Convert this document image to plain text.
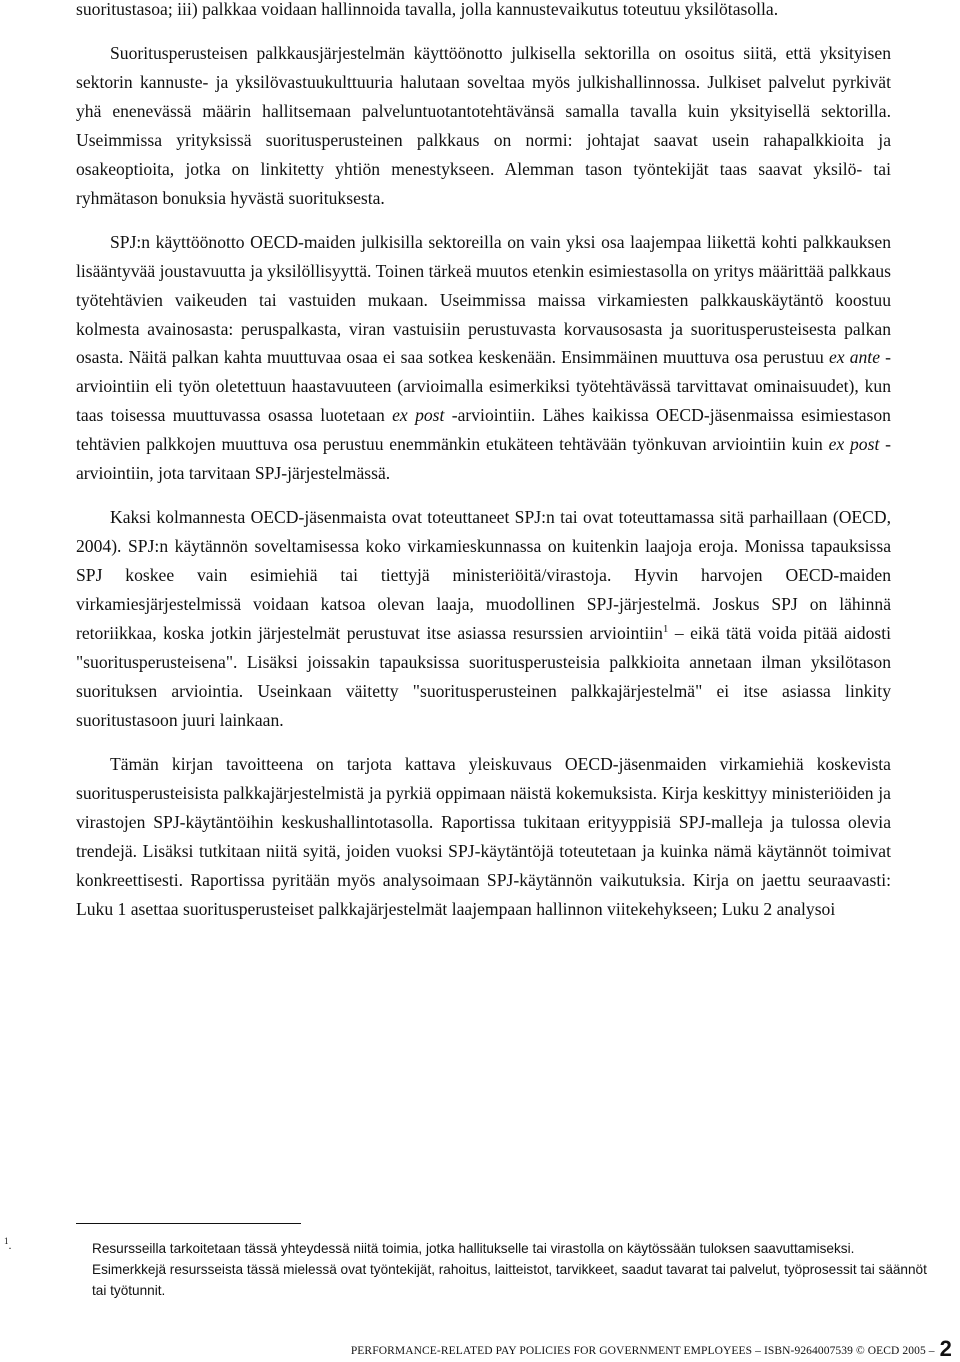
suoritustasoa; iii) palkkaa voidaan hallinnoida tavalla, jolla kannustevaikutus toteutuu yksilötasolla.

Suoritusperusteisen palkkausjärjestelmän käyttöönotto julkisella sektorilla on osoitus siitä, että yksityisen sektorin kannuste- ja yksilövastuukulttuuria halutaan soveltaa myös julkishallinnossa. Julkiset palvelut pyrkivät yhä enenevässä määrin hallitsemaan palveluntuotantotehtävänsä samalla tavalla kuin yksityisellä sektorilla. Useimmissa yrityksissä suoritusperusteinen palkkaus on normi: johtajat saavat usein rahapalkkioita ja osakeoptioita, jotka on linkitetty yhtiön menestykseen. Alemman tason työntekijät taas saavat yksilö- tai ryhmätason bonuksia hyvästä suorituksesta.

SPJ:n käyttöönotto OECD-maiden julkisilla sektoreilla on vain yksi osa laajempaa liikettä kohti palkkauksen lisääntyvää joustavuutta ja yksilöllisyyttä. Toinen tärkeä muutos etenkin esimiestasolla on yritys määrittää palkkaus työtehtävien vaikeuden tai vastuiden mukaan. Useimmissa maissa virkamiesten palkkauskäytäntö koostuu kolmesta avainosasta: peruspalkasta, viran vastuisiin perustuvasta korvausosasta ja suoritusperusteisesta palkan osasta. Näitä palkan kahta muuttuvaa osaa ei saa sotkea keskenään. Ensimmäinen muuttuva osa perustuu ex ante -arviointiin eli työn oletettuun haastavuuteen (arvioimalla esimerkiksi työtehtävässä tarvittavat ominaisuudet), kun taas toisessa muuttuvassa osassa luotetaan ex post -arviointiin. Lähes kaikissa OECD-jäsenmaissa esimiestason tehtävien palkkojen muuttuva osa perustuu enemmänkin etukäteen tehtävään työnkuvan arviointiin kuin ex post -arviointiin, jota tarvitaan SPJ-järjestelmässä.

Kaksi kolmannesta OECD-jäsenmaista ovat toteuttaneet SPJ:n tai ovat toteuttamassa sitä parhaillaan (OECD, 2004). SPJ:n käytännön soveltamisessa koko virkamieskunnassa on kuitenkin laajoja eroja. Monissa tapauksissa SPJ koskee vain esimiehiä tai tiettyjä ministeriöitä/virastoja. Hyvin harvojen OECD-maiden virkamiesjärjestelmissä voidaan katsoa olevan laaja, muodollinen SPJ-järjestelmä. Joskus SPJ on lähinnä retoriikkaa, koska jotkin järjestelmät perustuvat itse asiassa resurssien arviointiin$^1$ – eikä tätä voida pitää aidosti "suoritusperusteisena". Lisäksi joissakin tapauksissa suoritusperusteisia palkkioita annetaan ilman yksilötason suorituksen arviointia. Useinkaan väitetty "suoritusperusteinen palkkajärjestelmä" ei itse asiassa linkity suoritustasoon juuri lainkaan.

Tämän kirjan tavoitteena on tarjota kattava yleiskuvaus OECD-jäsenmaiden virkamiehiä koskevista suoritusperusteisista palkkajärjestelmistä ja pyrkiä oppimaan näistä kokemuksista. Kirja keskittyy ministeriöiden ja virastojen SPJ-käytäntöihin keskushallintotasolla. Raportissa tukitaan erityyppisiä SPJ-malleja ja tulossa olevia trendejä. Lisäksi tutkitaan niitä syitä, joiden vuoksi SPJ-käytäntöjä toteutetaan ja kuinka nämä käytännöt toimivat konkreettisesti. Raportissa pyritään myös analysoimaan SPJ-käytännön vaikutuksia. Kirja on jaettu seuraavasti: Luku 1 asettaa suoritusperusteiset palkkajärjestelmät laajempaan hallinnon viitekehykseen; Luku 2 analysoi

$^1$.	Resursseilla tarkoitetaan tässä yhteydessä niitä toimia, jotka hallitukselle tai virastolla on käytössään tuloksen saavuttamiseksi. Esimerkkejä resursseista tässä mielessä ovat työntekijät, rahoitus, laitteistot, tarvikkeet, saadut tavarat tai palvelut, työprosessit tai säännöt tai työtunnit.

PERFORMANCE-RELATED PAY POLICIES FOR GOVERNMENT EMPLOYEES – ISBN-9264007539 © OECD 2005 – 2
